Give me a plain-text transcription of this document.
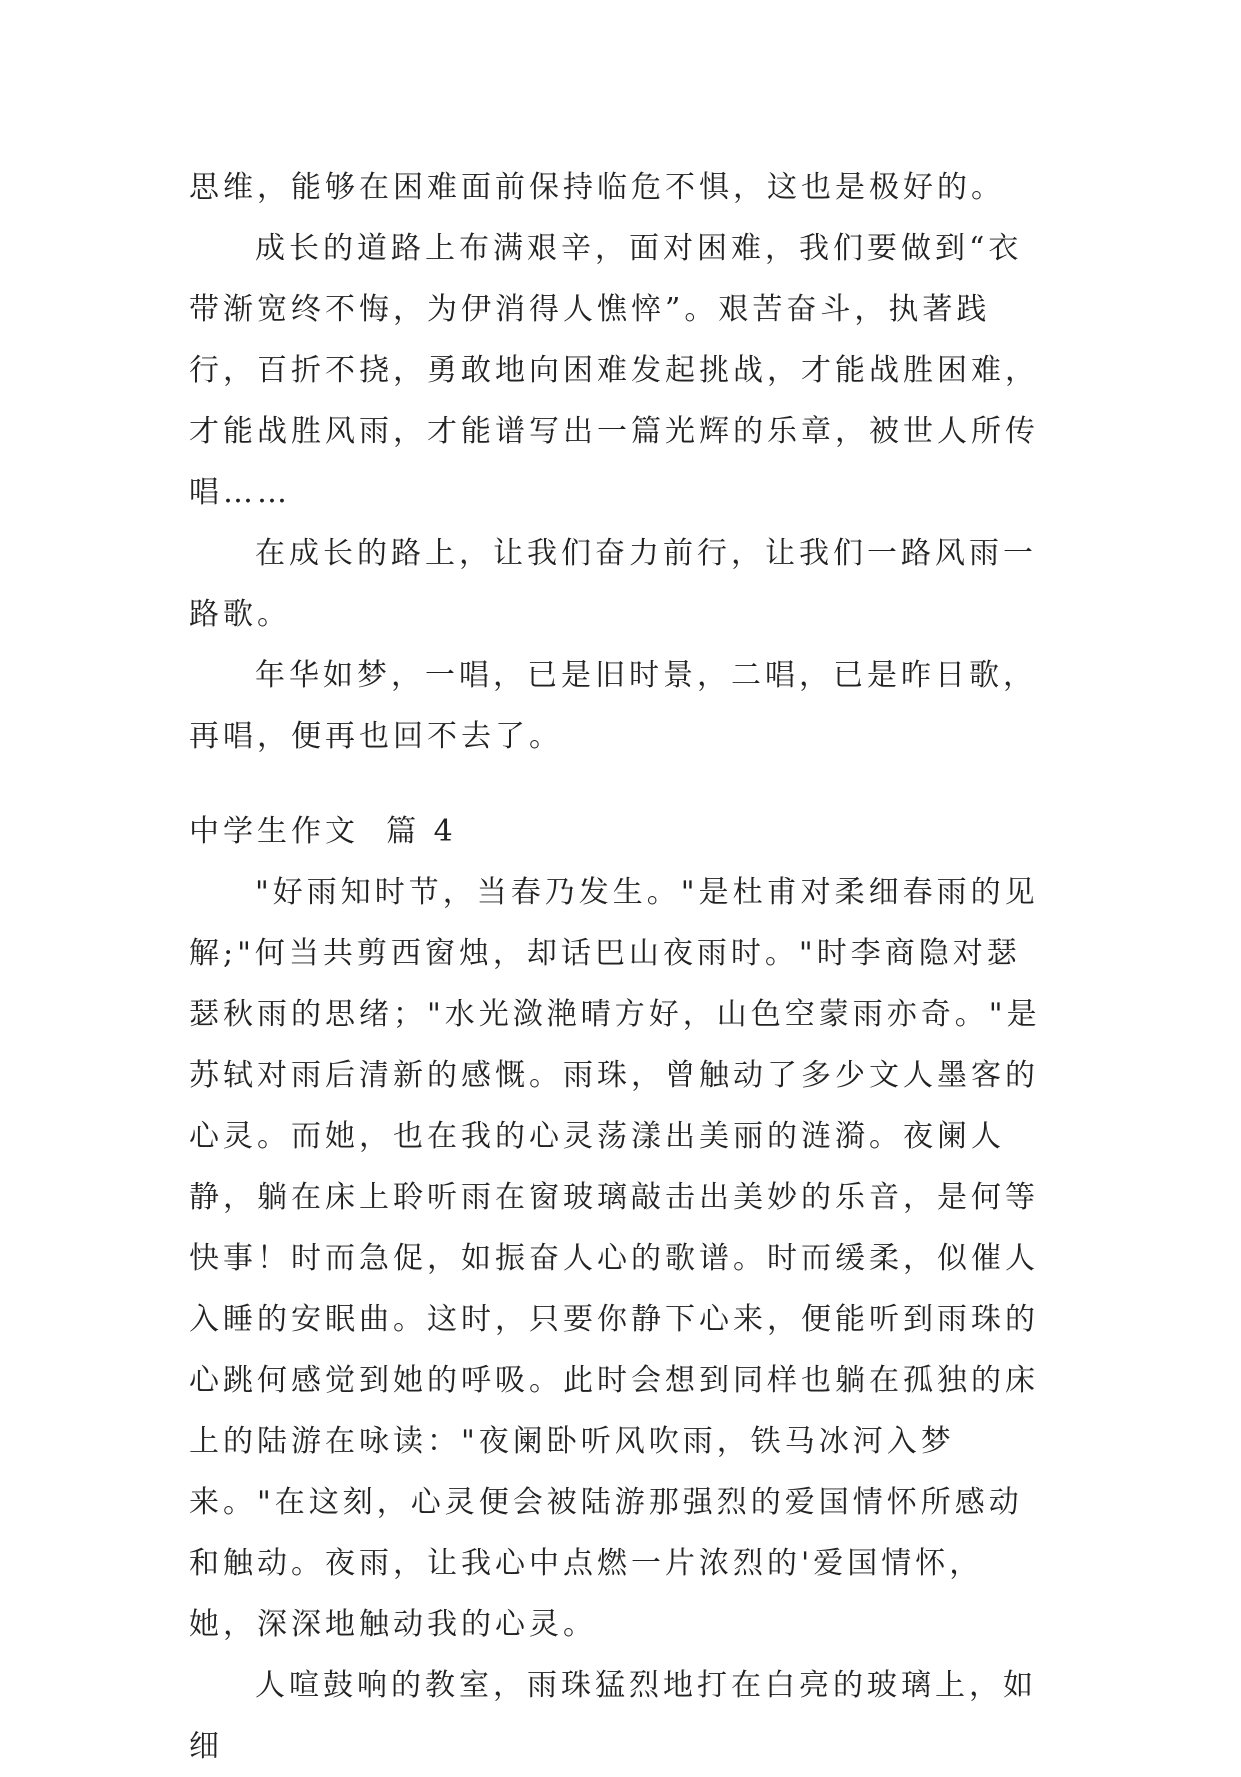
思维，能够在困难面前保持临危不惧，这也是极好的。

成长的道路上布满艰辛，面对困难，我们要做到“衣带渐宽终不悔，为伊消得人憔悴”。艰苦奋斗，执著践行，百折不挠，勇敢地向困难发起挑战，才能战胜困难，才能战胜风雨，才能谱写出一篇光辉的乐章，被世人所传唱……

在成长的路上，让我们奋力前行，让我们一路风雨一路歌。

年华如梦，一唱，已是旧时景，二唱，已是昨日歌，再唱，便再也回不去了。

中学生作文  篇 4

"好雨知时节，当春乃发生。"是杜甫对柔细春雨的见解;"何当共剪西窗烛，却话巴山夜雨时。"时李商隐对瑟瑟秋雨的思绪；"水光潋滟晴方好，山色空蒙雨亦奇。"是苏轼对雨后清新的感慨。雨珠，曾触动了多少文人墨客的心灵。而她，也在我的心灵荡漾出美丽的涟漪。夜阑人静，躺在床上聆听雨在窗玻璃敲击出美妙的乐音，是何等快事！时而急促，如振奋人心的歌谱。时而缓柔，似催人入睡的安眠曲。这时，只要你静下心来，便能听到雨珠的心跳何感觉到她的呼吸。此时会想到同样也躺在孤独的床上的陆游在咏读："夜阑卧听风吹雨，铁马冰河入梦来。"在这刻，心灵便会被陆游那强烈的爱国情怀所感动和触动。夜雨，让我心中点燃一片浓烈的'爱国情怀，她，深深地触动我的心灵。

人喧鼓响的教室，雨珠猛烈地打在白亮的玻璃上，如细
